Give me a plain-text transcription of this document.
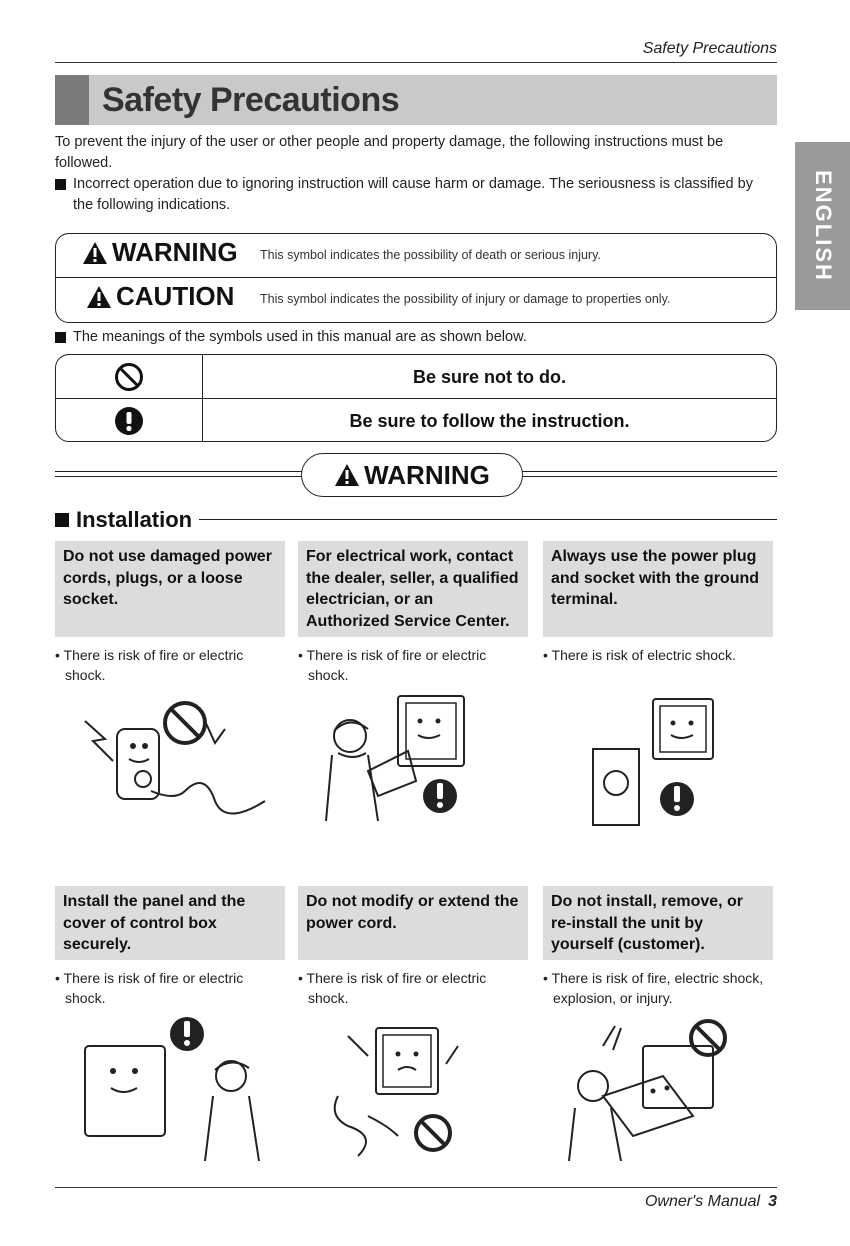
Safety Precautions
Safety Precautions
ENGLISH
To prevent the injury of the user or other people and property damage, the following instructions must be followed.
Incorrect operation due to ignoring instruction will cause harm or damage. The seriousness is classified by the following indications.
WARNING This symbol indicates the possibility of death or serious injury.
CAUTION This symbol indicates the possibility of injury or damage to properties only.
The meanings of the symbols used in this manual are as shown below.
Be sure not to do.
Be sure to follow the instruction.
WARNING
Installation
Do not use damaged power cords, plugs, or a loose socket.
• There is risk of fire or electric shock.
For electrical work, contact the dealer, seller, a qualified electrician, or an Authorized Service Center.
• There is risk of fire or electric shock.
Always use the power plug and socket with the ground terminal.
• There is risk of electric shock.
Install the panel and the cover of control box securely.
• There is risk of fire or electric shock.
Do not modify or extend the power cord.
• There is risk of fire or electric shock.
Do not install, remove, or re-install the unit by yourself (customer).
• There is risk of fire, electric shock, explosion, or injury.
Owner's Manual 3
